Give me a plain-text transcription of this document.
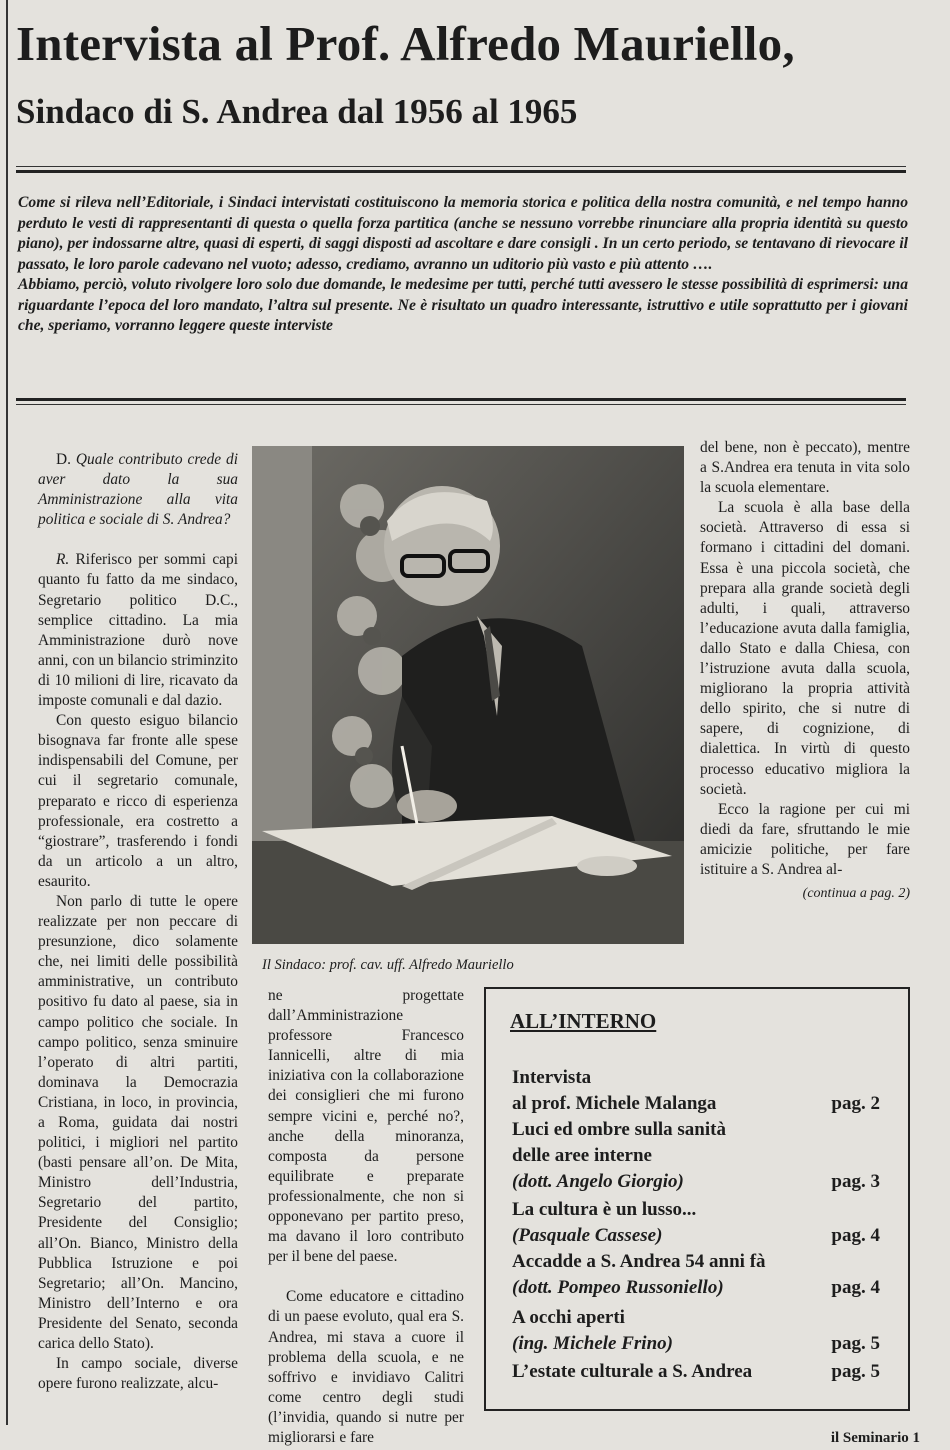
Intervista al Prof. Alfredo Mauriello,
Sindaco di S. Andrea dal 1956 al 1965

Come si rileva nell’Editoriale, i Sindaci intervistati costituiscono la memoria storica e politica della nostra comunità, e nel tempo hanno perduto le vesti di rappresentanti di questa o quella forza partitica (anche se nessuno vorrebbe rinunciare alla propria identità su questo piano), per indossarne altre, quasi di esperti, di saggi disposti ad ascoltare e dare consigli . In un certo periodo, se tentavano di rievocare il passato, le loro parole cadevano nel vuoto; adesso, crediamo, avranno un uditorio più vasto e più attento ….

Abbiamo, perciò, voluto rivolgere loro solo due domande, le medesime per tutti, perché tutti avessero le stesse possibilità di esprimersi: una riguardante l’epoca del loro mandato, l’altra sul presente. Ne è risultato un quadro interessante, istruttivo e utile soprattutto per i giovani che, speriamo, vorranno leggere queste interviste

D. Quale contributo crede di aver dato la sua Amministrazione alla vita politica e sociale di S. Andrea?

R. Riferisco per sommi capi quanto fu fatto da me sindaco, Segretario politico D.C., semplice cittadino. La mia Amministrazione durò nove anni, con un bilancio striminzito di 10 milioni di lire, ricavato da imposte comunali e dal dazio.

Con questo esiguo bilancio bisognava far fronte alle spese indispensabili del Comune, per cui il segretario comunale, preparato e ricco di esperienza professionale, era costretto a “giostrare”, trasferendo i fondi da un articolo a un altro, esaurito.

Non parlo di tutte le opere realizzate per non peccare di presunzione, dico solamente che, nei limiti delle possibilità amministrative, un contributo positivo fu dato al paese, sia in campo politico che sociale. In campo politico, senza sminuire l’operato di altri partiti, dominava la Democrazia Cristiana, in loco, in provincia, a Roma, guidata dai nostri politici, i migliori nel partito (basti pensare all’on. De Mita, Ministro dell’Industria, Segretario del partito, Presidente del Consiglio; all’On. Bianco, Ministro della Pubblica Istruzione e poi Segretario; all’On. Mancino, Ministro dell’Interno e ora Presidente del Senato, seconda carica dello Stato).

In campo sociale, diverse opere furono realizzate, alcu-

Il Sindaco: prof. cav. uff. Alfredo Mauriello

ne progettate dall’Amministrazione professore Francesco Iannicelli, altre di mia iniziativa con la collaborazione dei consiglieri che mi furono sempre vicini e, perché no?, anche della minoranza, composta da persone equilibrate e preparate professionalmente, che non si opponevano per partito preso, ma davano il loro contributo per il bene del paese.

Come educatore e cittadino di un paese evoluto, qual era S. Andrea, mi stava a cuore il problema della scuola, e ne soffrivo e invidiavo Calitri come centro degli studi (l’invidia, quando si nutre per migliorarsi e fare

del bene, non è peccato), mentre a S.Andrea era tenuta in vita solo la scuola elementare.

La scuola è alla base della società. Attraverso di essa si formano i cittadini del domani. Essa è una piccola società, che prepara alla grande società degli adulti, i quali, attraverso l’educazione avuta dalla famiglia, dallo Stato e dalla Chiesa, con l’istruzione avuta dalla scuola, migliorano la propria attività dello spirito, che si nutre di sapere, di cognizione, di dialettica. In virtù di questo processo educativo migliora la società.

Ecco la ragione per cui mi diedi da fare, sfruttando le mie amicizie politiche, per fare istituire a S. Andrea al-

(continua a pag. 2)
ALL’INTERNO
Intervista
al prof. Michele Malanga	pag. 2
Luci ed ombre sulla sanità
delle aree interne
(dott. Angelo Giorgio)	pag. 3
La cultura è un lusso...
(Pasquale Cassese)	pag. 4
Accadde a S. Andrea 54 anni fà
(dott. Pompeo Russoniello)	pag. 4
A occhi aperti
(ing. Michele Frino)	pag. 5
L’estate culturale a S. Andrea	pag. 5
il Seminario 1
